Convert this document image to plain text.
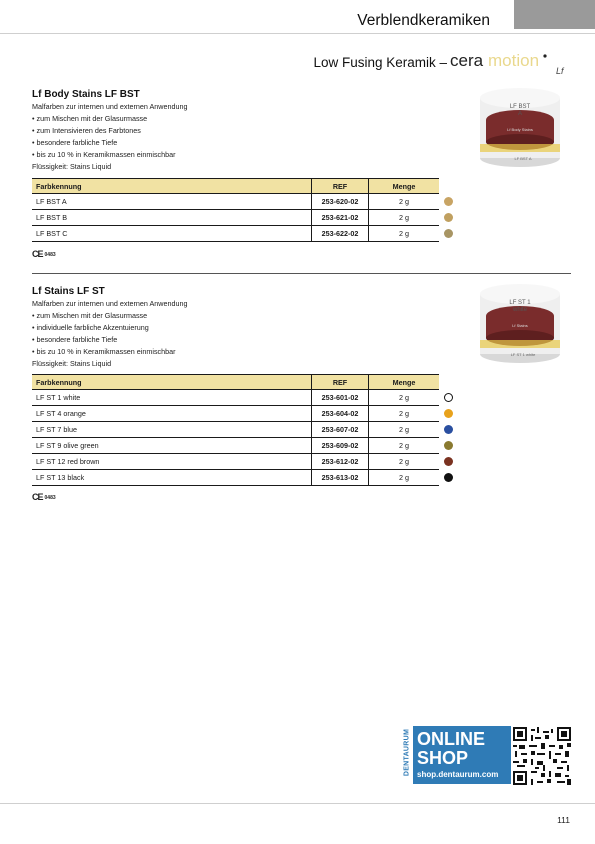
Verblendkeramiken
Low Fusing Keramik – cera motion
Lf
Lf Body Stains LF BST
Malfarben zur internen und externen Anwendung
• zum Mischen mit der Glasurmasse
• zum Intensivieren des Farbtones
• besondere farbliche Tiefe
• bis zu 10 % in Keramikmassen einmischbar
Flüssigkeit: Stains Liquid
LF BST
A
Lf Body Stains
LF BST A
Farbkennung	REF	Menge
LF BST A	253-620-02	2 g
LF BST B	253-621-02	2 g
LF BST C	253-622-02	2 g
CE 0483
Lf Stains LF ST
Malfarben zur internen und externen Anwendung
• zum Mischen mit der Glasurmasse
• individuelle farbliche Akzentuierung
• besondere farbliche Tiefe
• bis zu 10 % in Keramikmassen einmischbar
Flüssigkeit: Stains Liquid
LF ST 1
white
Lf Stains
LF ST 1 white
Farbkennung	REF	Menge
LF ST 1 white	253-601-02	2 g
LF ST 4 orange	253-604-02	2 g
LF ST 7 blue	253-607-02	2 g
LF ST 9 olive green	253-609-02	2 g
LF ST 12 red brown	253-612-02	2 g
LF ST 13 black	253-613-02	2 g
CE 0483
DENTAURUM ONLINE
SHOP
shop.dentaurum.com
111
